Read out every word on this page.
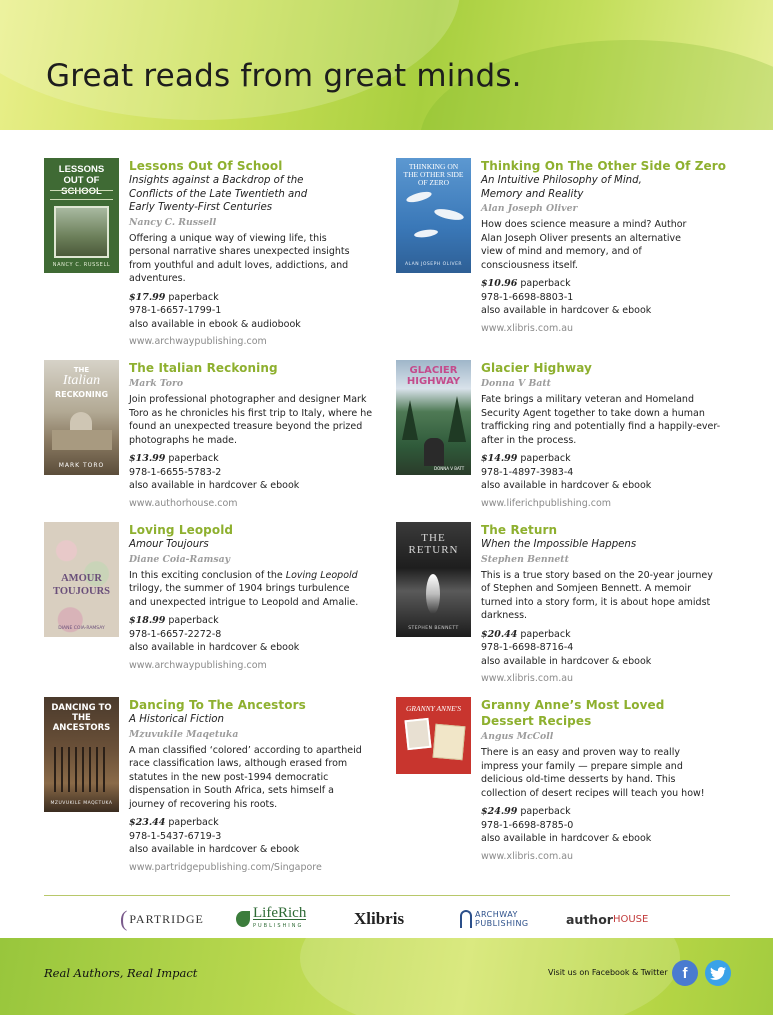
Great reads from great minds.
LESSONS OUT OF SCHOOL
NANCY C. RUSSELL
Lessons Out Of School
Insights against a Backdrop of the Conflicts of the Late Twentieth and Early Twenty-First Centuries
Nancy C. Russell
Offering a unique way of viewing life, this personal narrative shares unexpected insights from youthful and adult loves, addictions, and adventures.
$17.99 paperback
978-1-6657-1799-1
also available in ebook & audiobook
www.archwaypublishing.com
THINKING ON THE OTHER SIDE OF ZERO
ALAN JOSEPH OLIVER
Thinking On The Other Side Of Zero
An Intuitive Philosophy of Mind, Memory and Reality
Alan Joseph Oliver
How does science measure a mind? Author Alan Joseph Oliver presents an alternative view of mind and memory, and of consciousness itself.
$10.96 paperback
978-1-6698-8803-1
also available in hardcover & ebook
www.xlibris.com.au
THE
Italian
RECKONING
MARK TORO
The Italian Reckoning
Mark Toro
Join professional photographer and designer Mark Toro as he chronicles his first trip to Italy, where he found an unexpected treasure beyond the prized photographs he made.
$13.99 paperback
978-1-6655-5783-2
also available in hardcover & ebook
www.authorhouse.com
GLACIER HIGHWAY
DONNA V BATT
Glacier Highway
Donna V Batt
Fate brings a military veteran and Homeland Security Agent together to take down a human trafficking ring and potentially find a happily-ever-after in the process.
$14.99 paperback
978-1-4897-3983-4
also available in hardcover & ebook
www.liferichpublishing.com
AMOUR TOUJOURS
DIANE COIA-RAMSAY
Loving Leopold
Amour Toujours
Diane Coia-Ramsay
In this exciting conclusion of the Loving Leopold trilogy, the summer of 1904 brings turbulence and unexpected intrigue to Leopold and Amalie.
$18.99 paperback
978-1-6657-2272-8
also available in hardcover & ebook
www.archwaypublishing.com
THE RETURN
STEPHEN BENNETT
The Return
When the Impossible Happens
Stephen Bennett
This is a true story based on the 20-year journey of Stephen and Somjeen Bennett. A memoir turned into a story form, it is about hope amidst darkness.
$20.44 paperback
978-1-6698-8716-4
also available in hardcover & ebook
www.xlibris.com.au
DANCING TO THE ANCESTORS
MZUVUKILE MAQETUKA
Dancing To The Ancestors
A Historical Fiction
Mzuvukile Maqetuka
A man classified ‘colored’ according to apartheid race classification laws, although erased from statutes in the new post-1994 democratic dispensation in South Africa, sets himself a journey of recovering his roots.
$23.44 paperback
978-1-5437-6719-3
also available in hardcover & ebook
www.partridgepublishing.com/Singapore
GRANNY ANNE'S	Granny Anne’s Most Loved Dessert Recipes
Angus McColl
There is an easy and proven way to really impress your family — prepare simple and delicious old-time desserts by hand. This collection of desert recipes will teach you how!
$24.99 paperback
978-1-6698-8785-0
also available in hardcover & ebook
www.xlibris.com.au
( PARTRIDGE	LifeRich
PUBLISHING	Xlibris	ARCHWAY
PUBLISHING	author HOUSE
Real Authors, Real Impact	Visit us on Facebook & Twitter f
